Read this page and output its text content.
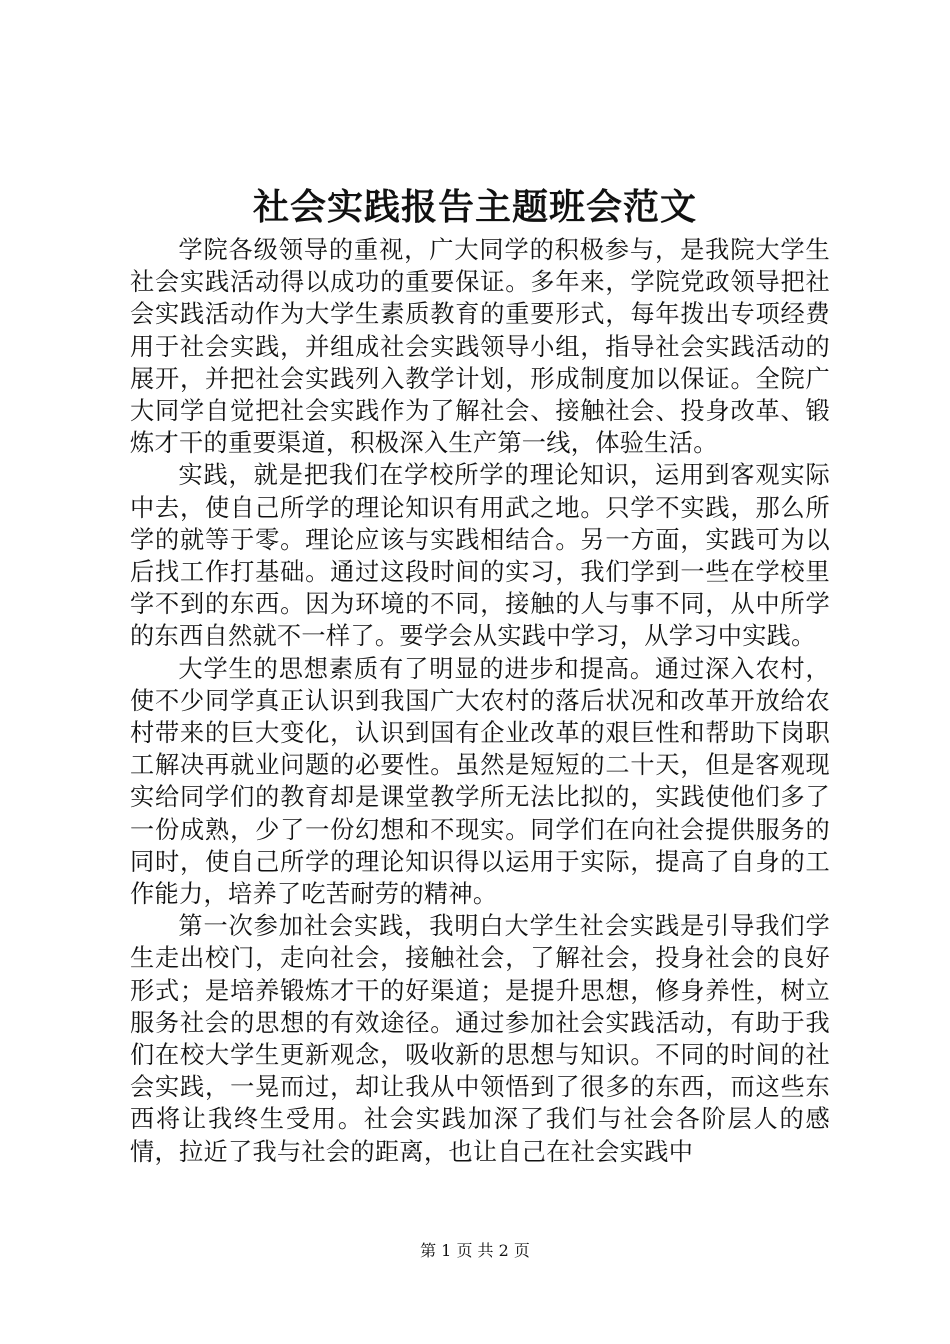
社会实践报告主题班会范文

学院各级领导的重视，广大同学的积极参与，是我院大学生社会实践活动得以成功的重要保证。多年来，学院党政领导把社会实践活动作为大学生素质教育的重要形式，每年拨出专项经费用于社会实践，并组成社会实践领导小组，指导社会实践活动的展开，并把社会实践列入教学计划，形成制度加以保证。全院广大同学自觉把社会实践作为了解社会、接触社会、投身改革、锻炼才干的重要渠道，积极深入生产第一线，体验生活。

实践，就是把我们在学校所学的理论知识，运用到客观实际中去，使自己所学的理论知识有用武之地。只学不实践，那么所学的就等于零。理论应该与实践相结合。另一方面，实践可为以后找工作打基础。通过这段时间的实习，我们学到一些在学校里学不到的东西。因为环境的不同，接触的人与事不同，从中所学的东西自然就不一样了。要学会从实践中学习，从学习中实践。

大学生的思想素质有了明显的进步和提高。通过深入农村，使不少同学真正认识到我国广大农村的落后状况和改革开放给农村带来的巨大变化，认识到国有企业改革的艰巨性和帮助下岗职工解决再就业问题的必要性。虽然是短短的二十天，但是客观现实给同学们的教育却是课堂教学所无法比拟的，实践使他们多了一份成熟，少了一份幻想和不现实。同学们在向社会提供服务的同时，使自己所学的理论知识得以运用于实际，提高了自身的工作能力，培养了吃苦耐劳的精神。

第一次参加社会实践，我明白大学生社会实践是引导我们学生走出校门，走向社会，接触社会，了解社会，投身社会的良好形式；是培养锻炼才干的好渠道；是提升思想，修身养性，树立服务社会的思想的有效途径。通过参加社会实践活动，有助于我们在校大学生更新观念，吸收新的思想与知识。不同的时间的社会实践，一晃而过，却让我从中领悟到了很多的东西，而这些东西将让我终生受用。社会实践加深了我们与社会各阶层人的感情，拉近了我与社会的距离，也让自己在社会实践中

第 1 页 共 2 页
